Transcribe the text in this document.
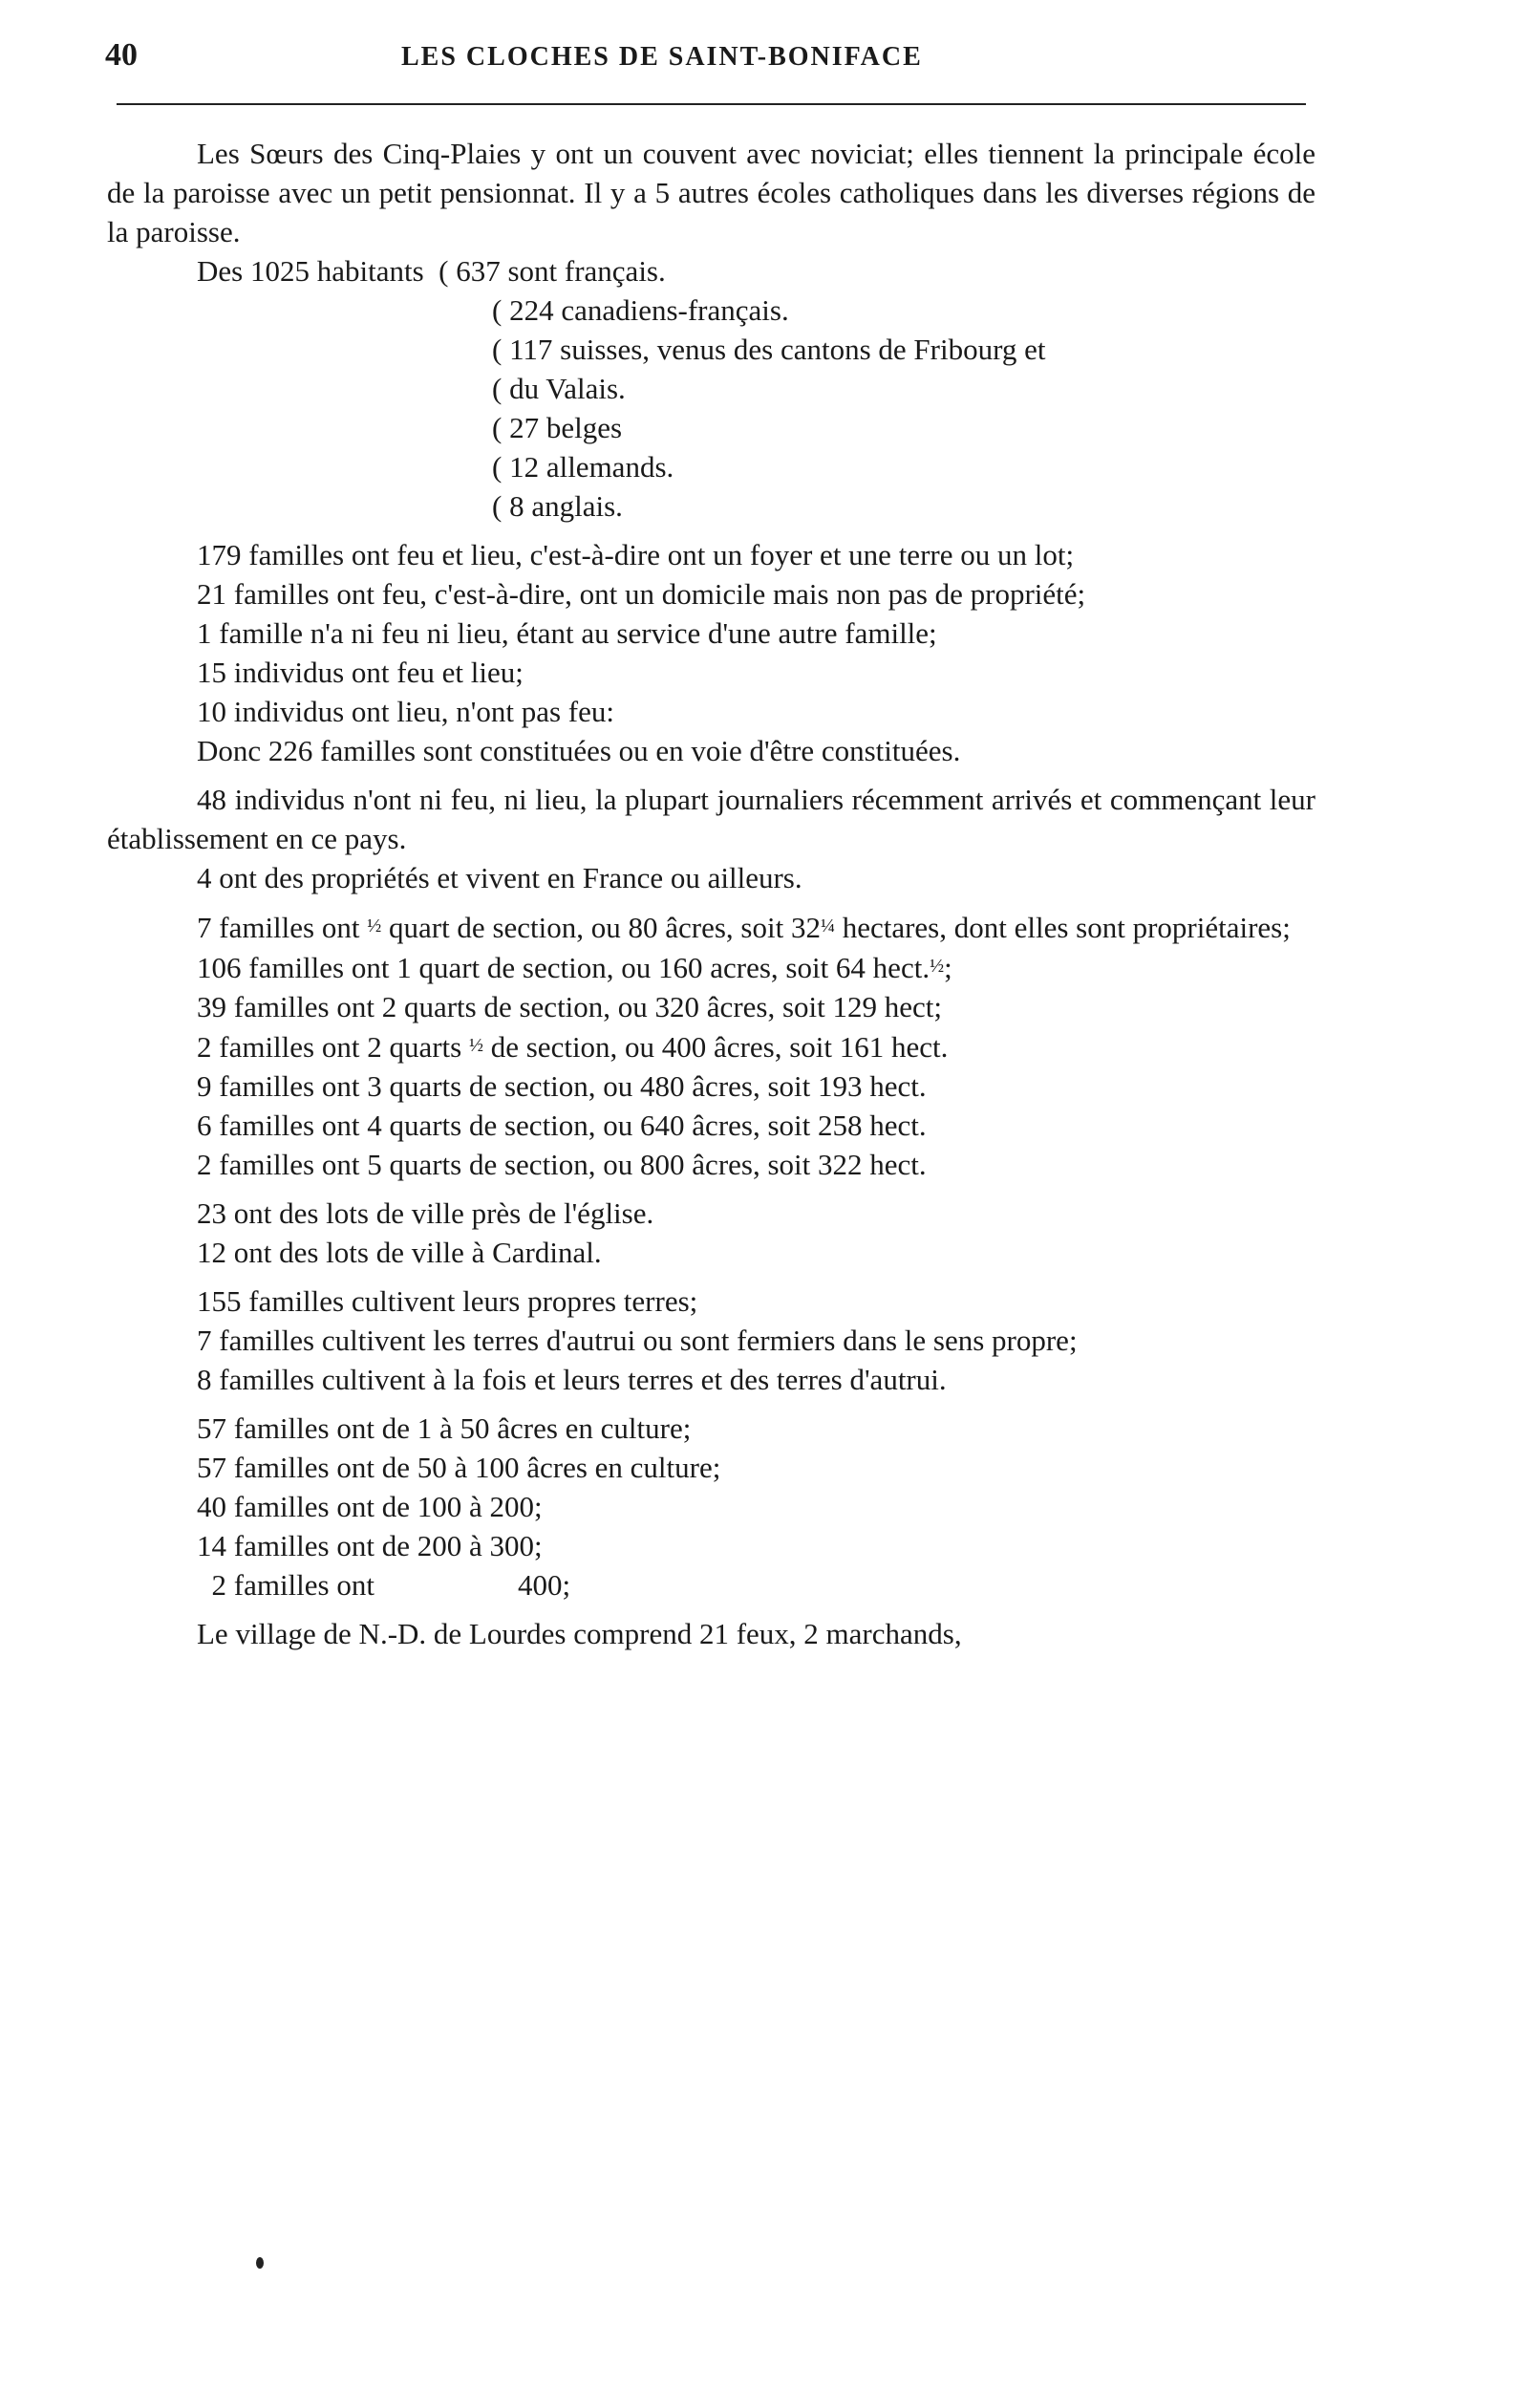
40	LES CLOCHES DE SAINT-BONIFACE

Les Sœurs des Cinq-Plaies y ont un couvent avec noviciat; elles tiennent la principale école de la paroisse avec un petit pensionnat. Il y a 5 autres écoles catholiques dans les diverses régions de la paroisse.

Des 1025 habitants ( 637 sont français.

( 224 canadiens-français.

( 117 suisses, venus des cantons de Fribourg et

( du Valais.

( 27 belges

( 12 allemands.

( 8 anglais.

179 familles ont feu et lieu, c'est-à-dire ont un foyer et une terre ou un lot;

21 familles ont feu, c'est-à-dire, ont un domicile mais non pas de propriété;

1 famille n'a ni feu ni lieu, étant au service d'une autre famille;

15 individus ont feu et lieu;

10 individus ont lieu, n'ont pas feu:

Donc 226 familles sont constituées ou en voie d'être constituées.

48 individus n'ont ni feu, ni lieu, la plupart journaliers récemment arrivés et commençant leur établissement en ce pays.

4 ont des propriétés et vivent en France ou ailleurs.

7 familles ont ½ quart de section, ou 80 âcres, soit 32¼ hectares, dont elles sont propriétaires;

106 familles ont 1 quart de section, ou 160 acres, soit 64 hect.½;

39 familles ont 2 quarts de section, ou 320 âcres, soit 129 hect;

2 familles ont 2 quarts ½ de section, ou 400 âcres, soit 161 hect.

9 familles ont 3 quarts de section, ou 480 âcres, soit 193 hect.

6 familles ont 4 quarts de section, ou 640 âcres, soit 258 hect.

2 familles ont 5 quarts de section, ou 800 âcres, soit 322 hect.

23 ont des lots de ville près de l'église.

12 ont des lots de ville à Cardinal.

155 familles cultivent leurs propres terres;

7 familles cultivent les terres d'autrui ou sont fermiers dans le sens propre;

8 familles cultivent à la fois et leurs terres et des terres d'autrui.

57 familles ont de 1 à 50 âcres en culture;

57 familles ont de 50 à 100 âcres en culture;

40 familles ont de 100 à 200;

14 familles ont de 200 à 300;

2 familles ont	400;

Le village de N.-D. de Lourdes comprend 21 feux, 2 marchands,
